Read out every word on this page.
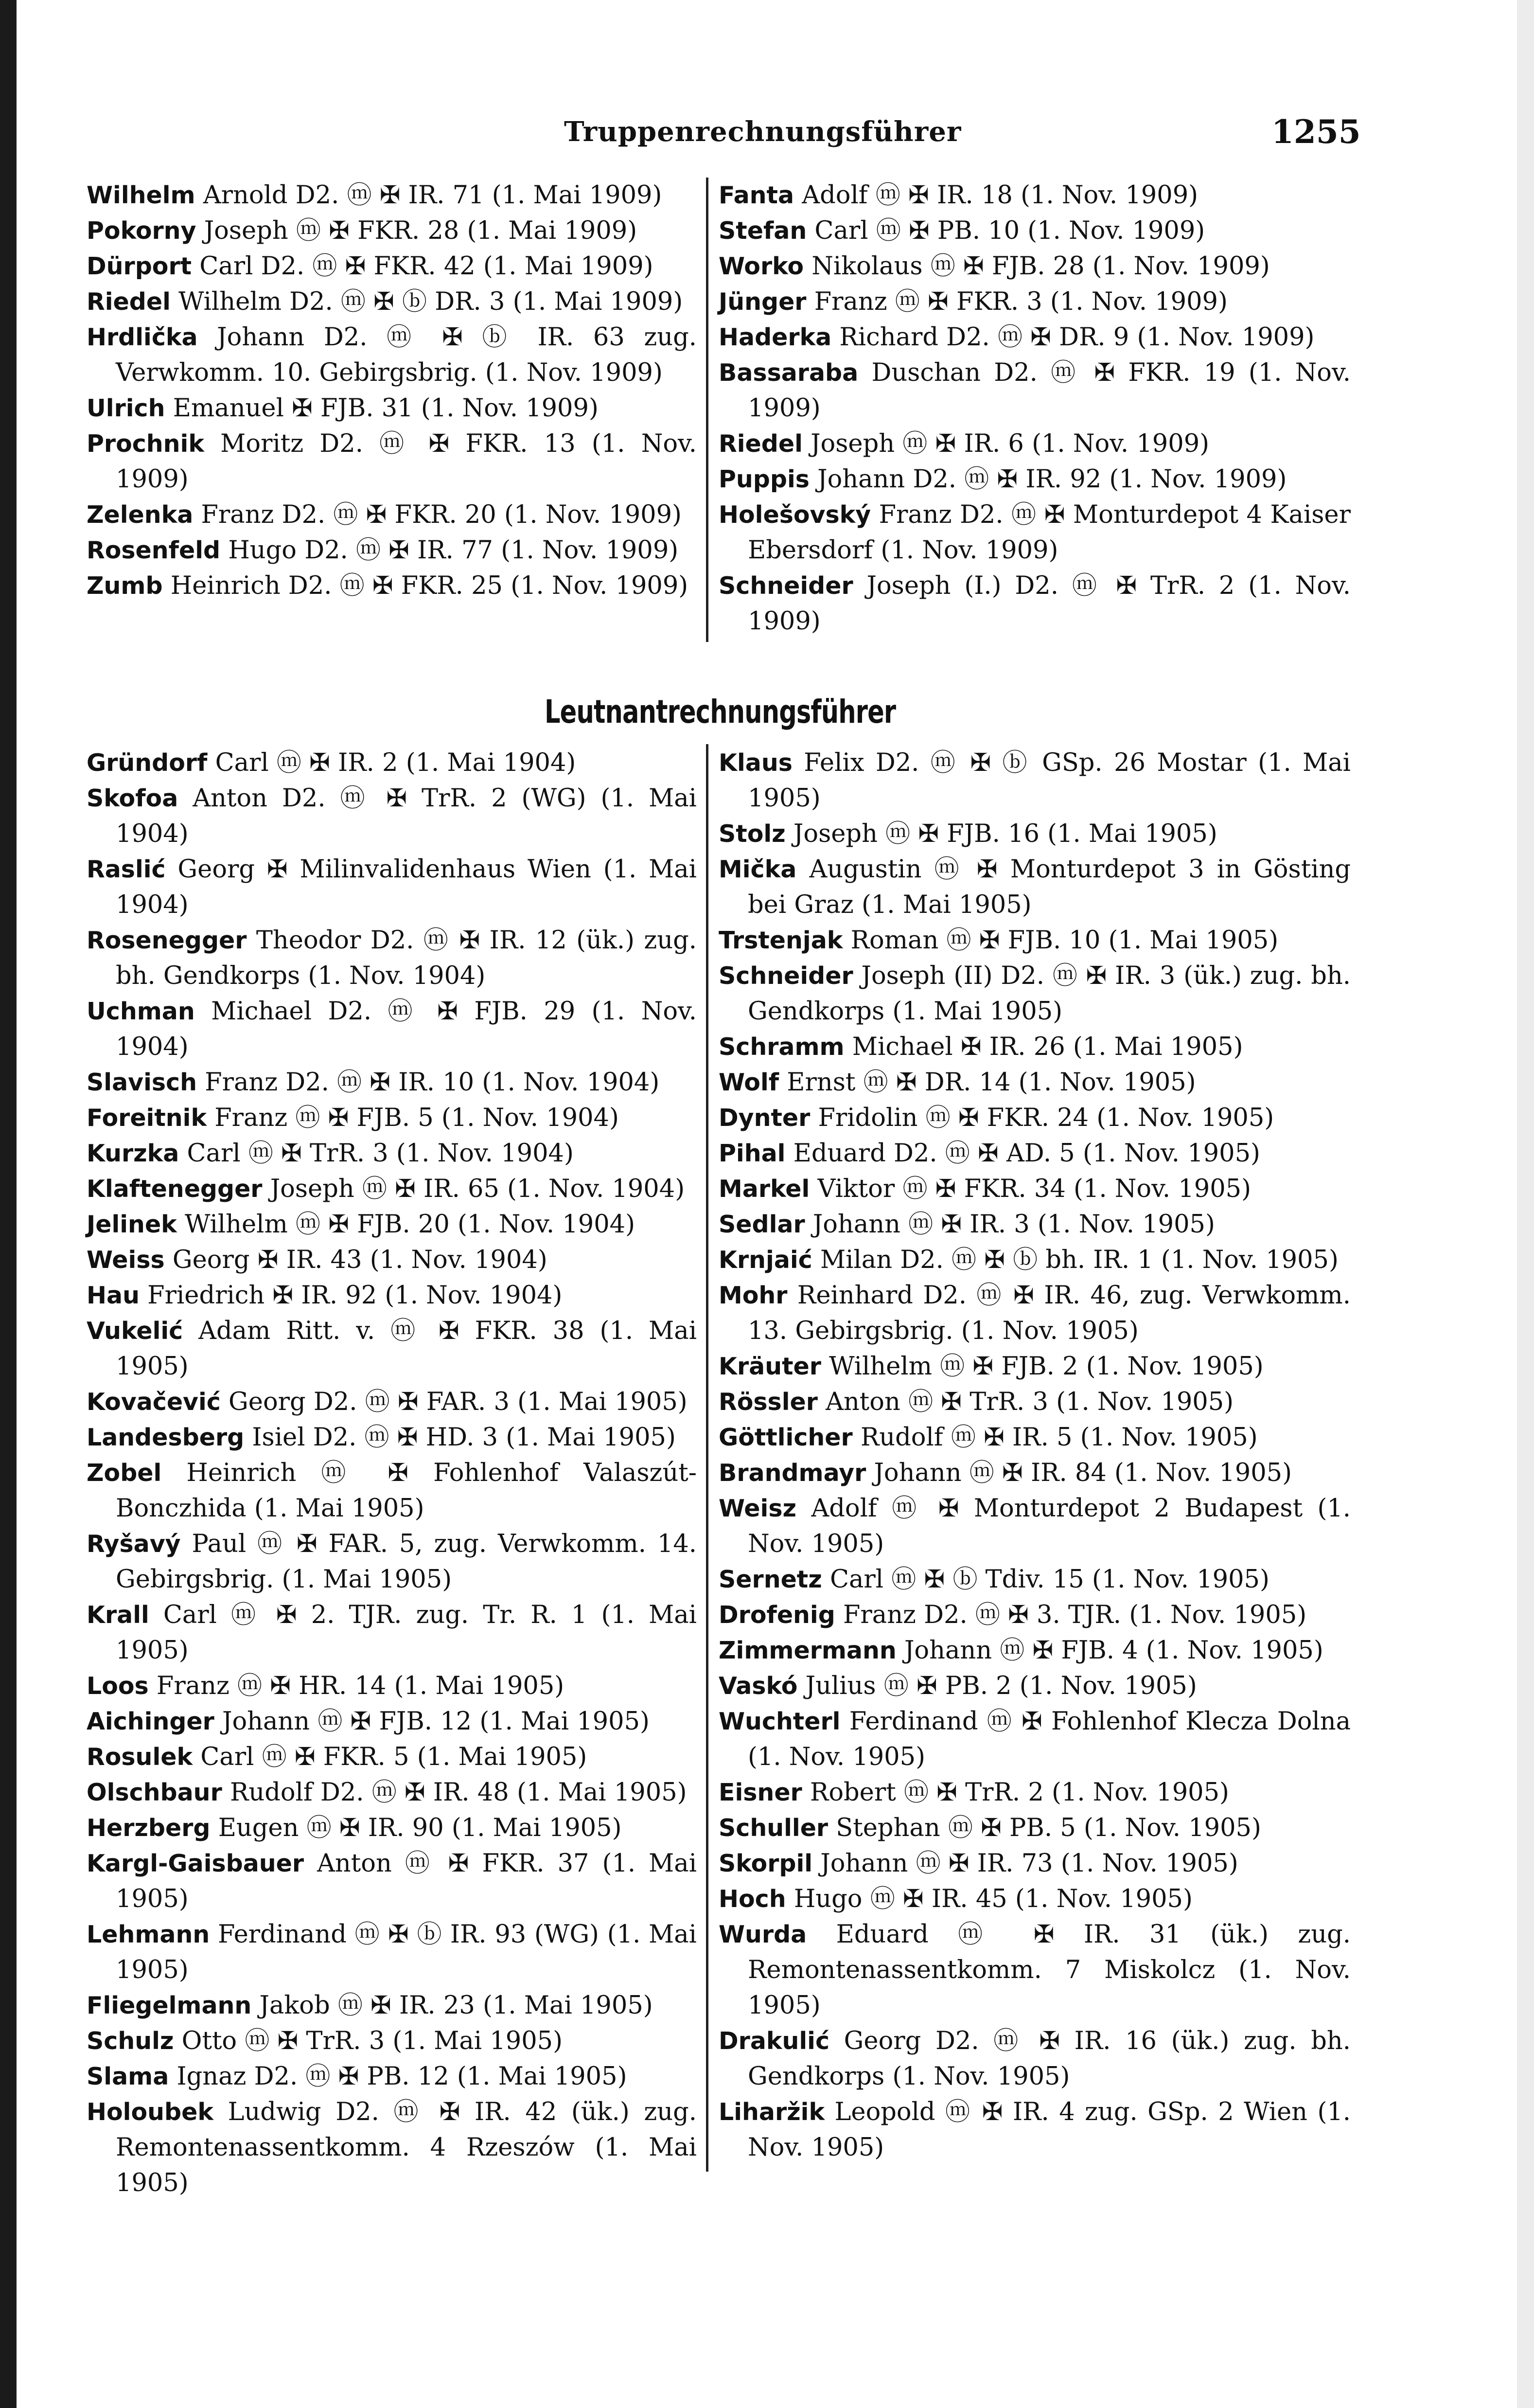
Truppenrechnungsführer	1255
Wilhelm Arnold D2. ⓜ ✠ IR. 71 (1. Mai 1909)
Pokorny Joseph ⓜ ✠ FKR. 28 (1. Mai 1909)
Dürport Carl D2. ⓜ ✠ FKR. 42 (1. Mai 1909)
Riedel Wilhelm D2. ⓜ ✠ ⓑ DR. 3 (1. Mai 1909)
Hrdlička Johann D2. ⓜ ✠ ⓑ IR. 63 zug. Verwkomm. 10. Gebirgsbrig. (1. Nov. 1909)
Ulrich Emanuel ✠ FJB. 31 (1. Nov. 1909)
Prochnik Moritz D2. ⓜ ✠ FKR. 13 (1. Nov. 1909)
Zelenka Franz D2. ⓜ ✠ FKR. 20 (1. Nov. 1909)
Rosenfeld Hugo D2. ⓜ ✠ IR. 77 (1. Nov. 1909)
Zumb Heinrich D2. ⓜ ✠ FKR. 25 (1. Nov. 1909)
Fanta Adolf ⓜ ✠ IR. 18 (1. Nov. 1909)
Stefan Carl ⓜ ✠ PB. 10 (1. Nov. 1909)
Worko Nikolaus ⓜ ✠ FJB. 28 (1. Nov. 1909)
Jünger Franz ⓜ ✠ FKR. 3 (1. Nov. 1909)
Haderka Richard D2. ⓜ ✠ DR. 9 (1. Nov. 1909)
Bassaraba Duschan D2. ⓜ ✠ FKR. 19 (1. Nov. 1909)
Riedel Joseph ⓜ ✠ IR. 6 (1. Nov. 1909)
Puppis Johann D2. ⓜ ✠ IR. 92 (1. Nov. 1909)
Holešovský Franz D2. ⓜ ✠ Monturdepot 4 Kaiser Ebersdorf (1. Nov. 1909)
Schneider Joseph (I.) D2. ⓜ ✠ TrR. 2 (1. Nov. 1909)
Leutnantrechnungsführer
Gründorf Carl ⓜ ✠ IR. 2 (1. Mai 1904)
Skofoa Anton D2. ⓜ ✠ TrR. 2 (WG) (1. Mai 1904)
Raslić Georg ✠ Milinvalidenhaus Wien (1. Mai 1904)
Rosenegger Theodor D2. ⓜ ✠ IR. 12 (ük.) zug. bh. Gendkorps (1. Nov. 1904)
Uchman Michael D2. ⓜ ✠ FJB. 29 (1. Nov. 1904)
Slavisch Franz D2. ⓜ ✠ IR. 10 (1. Nov. 1904)
Foreitnik Franz ⓜ ✠ FJB. 5 (1. Nov. 1904)
Kurzka Carl ⓜ ✠ TrR. 3 (1. Nov. 1904)
Klaftenegger Joseph ⓜ ✠ IR. 65 (1. Nov. 1904)
Jelinek Wilhelm ⓜ ✠ FJB. 20 (1. Nov. 1904)
Weiss Georg ✠ IR. 43 (1. Nov. 1904)
Hau Friedrich ✠ IR. 92 (1. Nov. 1904)
Vukelić Adam Ritt. v. ⓜ ✠ FKR. 38 (1. Mai 1905)
Kovačević Georg D2. ⓜ ✠ FAR. 3 (1. Mai 1905)
Landesberg Isiel D2. ⓜ ✠ HD. 3 (1. Mai 1905)
Zobel Heinrich ⓜ ✠ Fohlenhof Valaszút-Bonczhida (1. Mai 1905)
Ryšavý Paul ⓜ ✠ FAR. 5, zug. Verwkomm. 14. Gebirgsbrig. (1. Mai 1905)
Krall Carl ⓜ ✠ 2. TJR. zug. Tr. R. 1 (1. Mai 1905)
Loos Franz ⓜ ✠ HR. 14 (1. Mai 1905)
Aichinger Johann ⓜ ✠ FJB. 12 (1. Mai 1905)
Rosulek Carl ⓜ ✠ FKR. 5 (1. Mai 1905)
Olschbaur Rudolf D2. ⓜ ✠ IR. 48 (1. Mai 1905)
Herzberg Eugen ⓜ ✠ IR. 90 (1. Mai 1905)
Kargl-Gaisbauer Anton ⓜ ✠ FKR. 37 (1. Mai 1905)
Lehmann Ferdinand ⓜ ✠ ⓑ IR. 93 (WG) (1. Mai 1905)
Fliegelmann Jakob ⓜ ✠ IR. 23 (1. Mai 1905)
Schulz Otto ⓜ ✠ TrR. 3 (1. Mai 1905)
Slama Ignaz D2. ⓜ ✠ PB. 12 (1. Mai 1905)
Holoubek Ludwig D2. ⓜ ✠ IR. 42 (ük.) zug. Remontenassentkomm. 4 Rzeszów (1. Mai 1905)
Klaus Felix D2. ⓜ ✠ ⓑ GSp. 26 Mostar (1. Mai 1905)
Stolz Joseph ⓜ ✠ FJB. 16 (1. Mai 1905)
Mička Augustin ⓜ ✠ Monturdepot 3 in Gösting bei Graz (1. Mai 1905)
Trstenjak Roman ⓜ ✠ FJB. 10 (1. Mai 1905)
Schneider Joseph (II) D2. ⓜ ✠ IR. 3 (ük.) zug. bh. Gendkorps (1. Mai 1905)
Schramm Michael ✠ IR. 26 (1. Mai 1905)
Wolf Ernst ⓜ ✠ DR. 14 (1. Nov. 1905)
Dynter Fridolin ⓜ ✠ FKR. 24 (1. Nov. 1905)
Pihal Eduard D2. ⓜ ✠ AD. 5 (1. Nov. 1905)
Markel Viktor ⓜ ✠ FKR. 34 (1. Nov. 1905)
Sedlar Johann ⓜ ✠ IR. 3 (1. Nov. 1905)
Krnjaić Milan D2. ⓜ ✠ ⓑ bh. IR. 1 (1. Nov. 1905)
Mohr Reinhard D2. ⓜ ✠ IR. 46, zug. Verwkomm. 13. Gebirgsbrig. (1. Nov. 1905)
Kräuter Wilhelm ⓜ ✠ FJB. 2 (1. Nov. 1905)
Rössler Anton ⓜ ✠ TrR. 3 (1. Nov. 1905)
Göttlicher Rudolf ⓜ ✠ IR. 5 (1. Nov. 1905)
Brandmayr Johann ⓜ ✠ IR. 84 (1. Nov. 1905)
Weisz Adolf ⓜ ✠ Monturdepot 2 Budapest (1. Nov. 1905)
Sernetz Carl ⓜ ✠ ⓑ Tdiv. 15 (1. Nov. 1905)
Drofenig Franz D2. ⓜ ✠ 3. TJR. (1. Nov. 1905)
Zimmermann Johann ⓜ ✠ FJB. 4 (1. Nov. 1905)
Vaskó Julius ⓜ ✠ PB. 2 (1. Nov. 1905)
Wuchterl Ferdinand ⓜ ✠ Fohlenhof Klecza Dolna (1. Nov. 1905)
Eisner Robert ⓜ ✠ TrR. 2 (1. Nov. 1905)
Schuller Stephan ⓜ ✠ PB. 5 (1. Nov. 1905)
Skorpil Johann ⓜ ✠ IR. 73 (1. Nov. 1905)
Hoch Hugo ⓜ ✠ IR. 45 (1. Nov. 1905)
Wurda Eduard ⓜ ✠ IR. 31 (ük.) zug. Remontenassentkomm. 7 Miskolcz (1. Nov. 1905)
Drakulić Georg D2. ⓜ ✠ IR. 16 (ük.) zug. bh. Gendkorps (1. Nov. 1905)
Liharžik Leopold ⓜ ✠ IR. 4 zug. GSp. 2 Wien (1. Nov. 1905)
